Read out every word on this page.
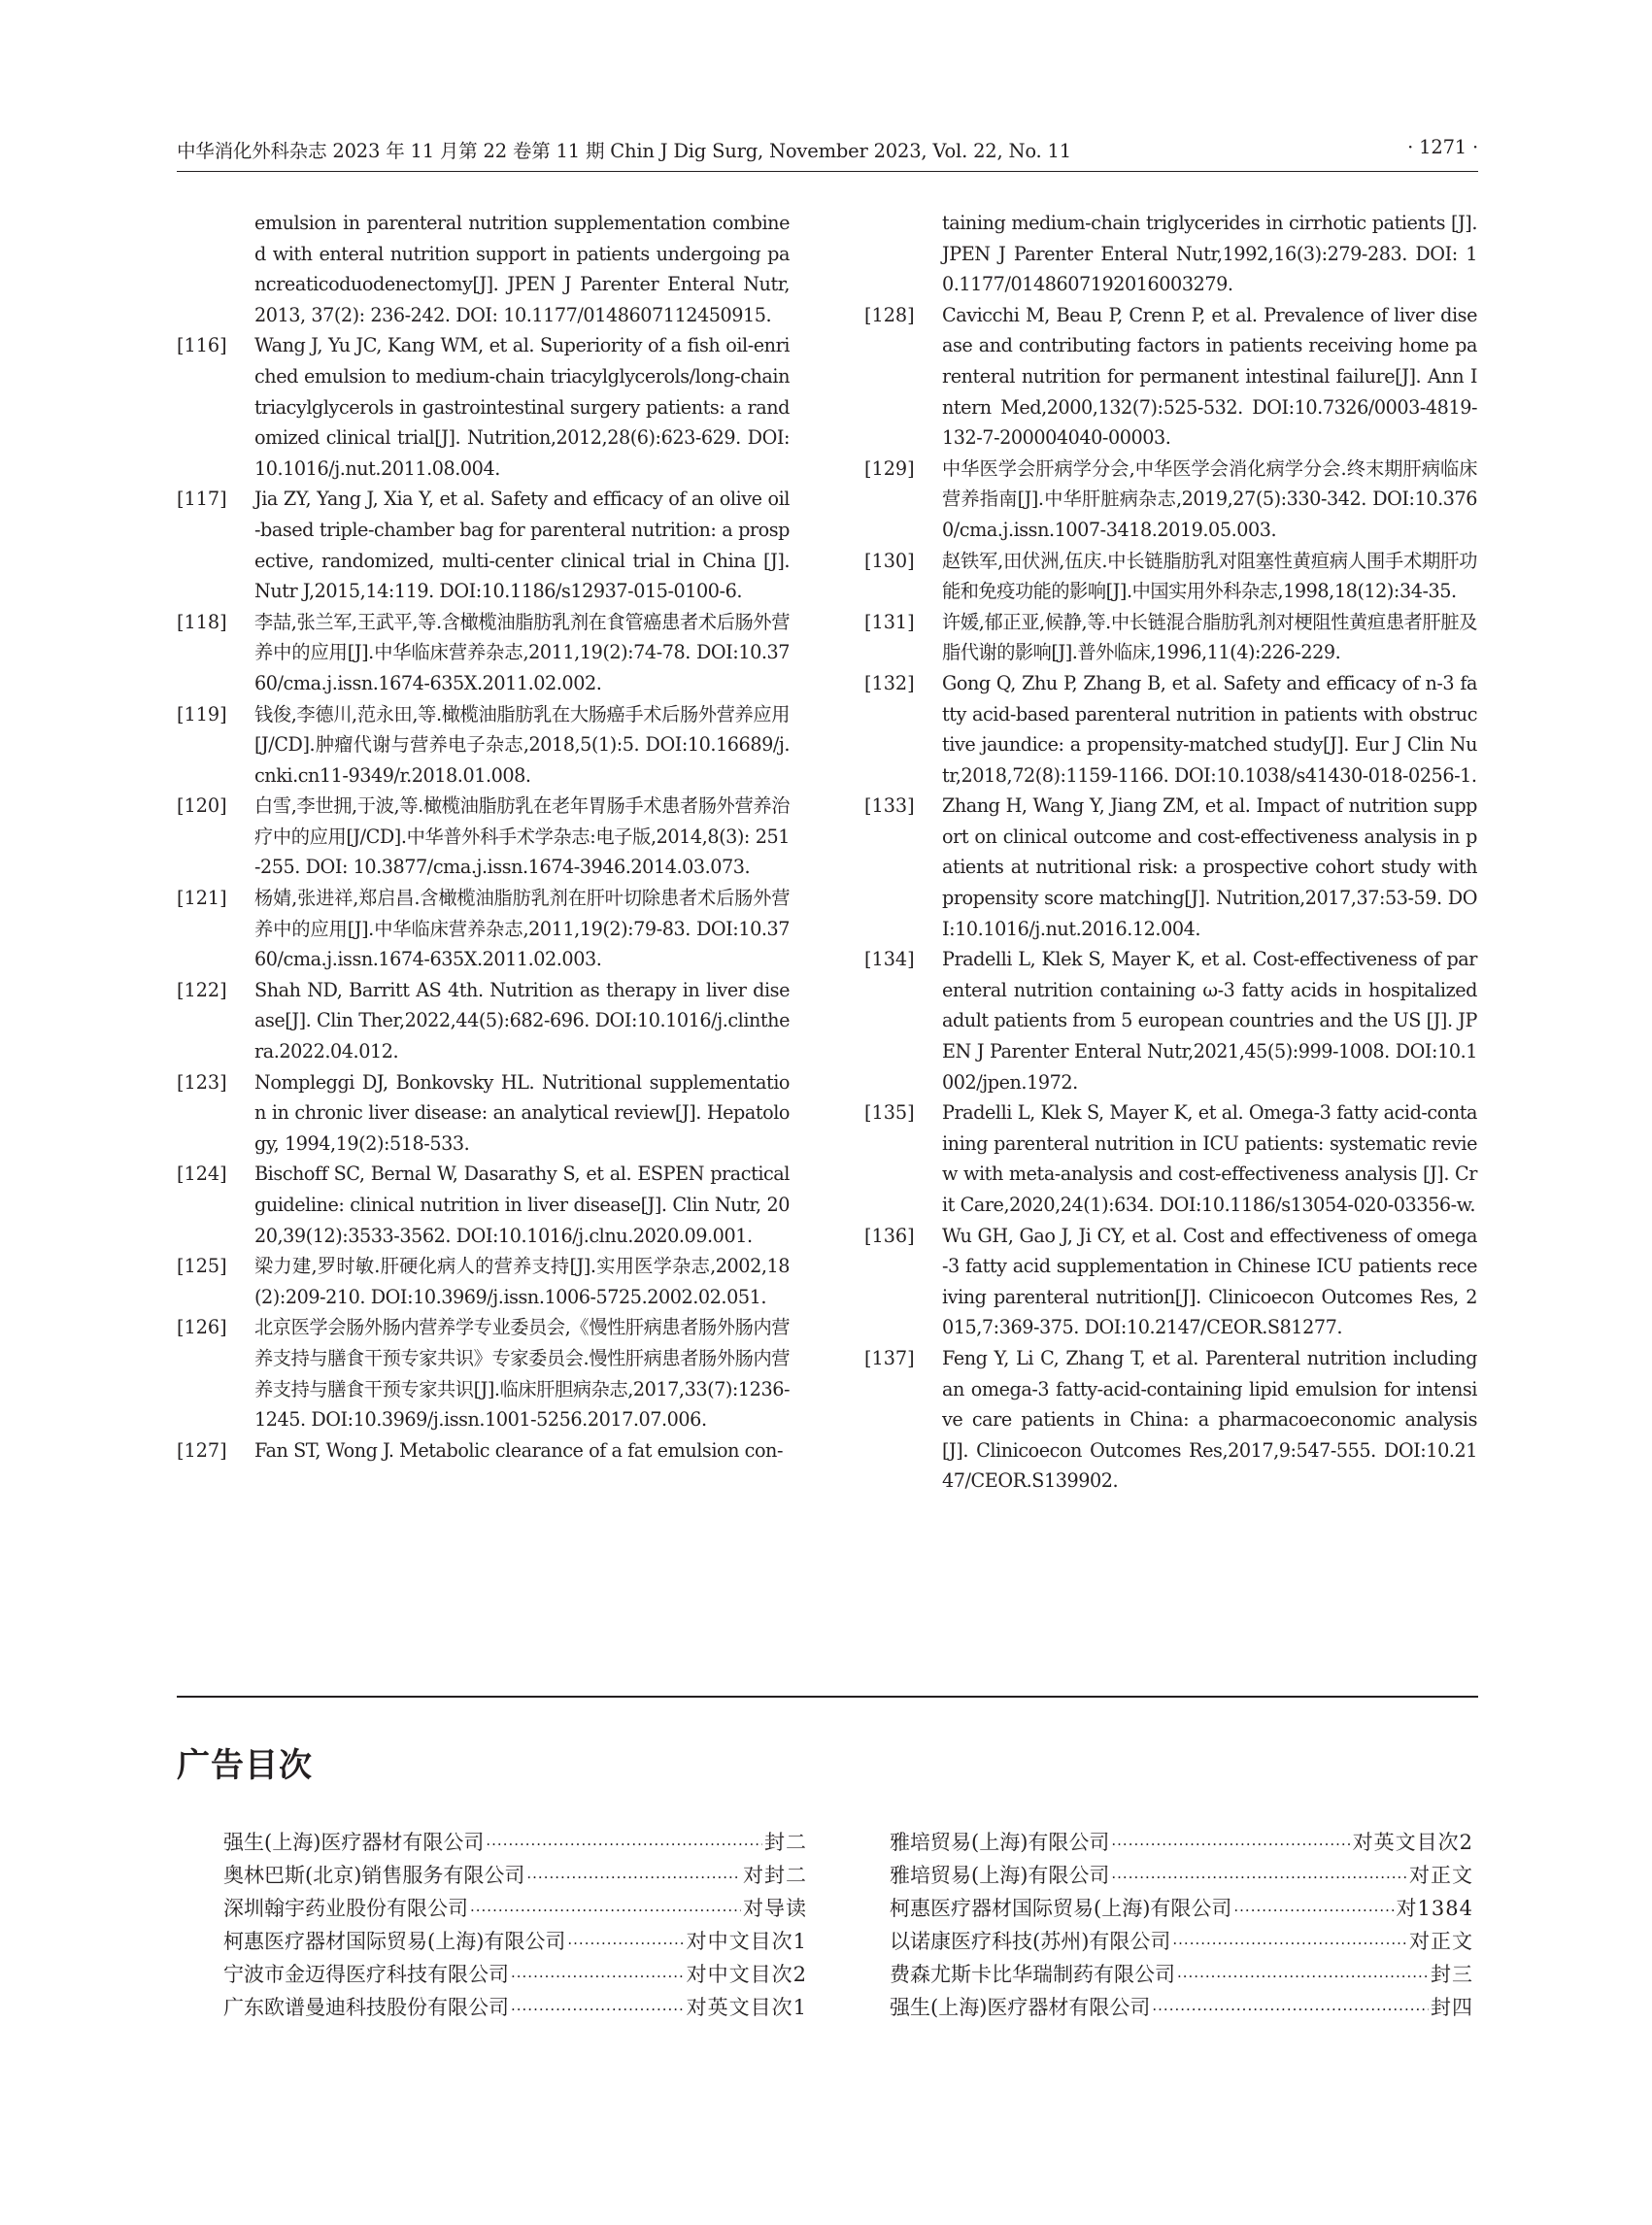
中华消化外科杂志 2023 年 11 月第 22 卷第 11 期 Chin J Dig Surg, November 2023, Vol. 22, No. 11	· 1271 ·
emulsion in parenteral nutrition supplementation combined with enteral nutrition support in patients undergoing pancreaticoduodenectomy[J]. JPEN J Parenter Enteral Nutr, 2013, 37(2): 236-242. DOI: 10.1177/0148607112450915.
[116] Wang J, Yu JC, Kang WM, et al. Superiority of a fish oil-enriched emulsion to medium-chain triacylglycerols/long-chain triacylglycerols in gastrointestinal surgery patients: a randomized clinical trial[J]. Nutrition,2012,28(6):623-629. DOI:10.1016/j.nut.2011.08.004.
[117] Jia ZY, Yang J, Xia Y, et al. Safety and efficacy of an olive oil-based triple-chamber bag for parenteral nutrition: a prospective, randomized, multi-center clinical trial in China [J]. Nutr J,2015,14:119. DOI:10.1186/s12937-015-0100-6.
[118] 李喆,张兰军,王武平,等.含橄榄油脂肪乳剂在食管癌患者术后肠外营养中的应用[J].中华临床营养杂志,2011,19(2):74-78. DOI:10.3760/cma.j.issn.1674-635X.2011.02.002.
[119] 钱俊,李德川,范永田,等.橄榄油脂肪乳在大肠癌手术后肠外营养应用[J/CD].肿瘤代谢与营养电子杂志,2018,5(1):5. DOI:10.16689/j.cnki.cn11-9349/r.2018.01.008.
[120] 白雪,李世拥,于波,等.橄榄油脂肪乳在老年胃肠手术患者肠外营养治疗中的应用[J/CD].中华普外科手术学杂志:电子版,2014,8(3): 251-255. DOI: 10.3877/cma.j.issn.1674-3946.2014.03.073.
[121] 杨婧,张进祥,郑启昌.含橄榄油脂肪乳剂在肝叶切除患者术后肠外营养中的应用[J].中华临床营养杂志,2011,19(2):79-83. DOI:10.3760/cma.j.issn.1674-635X.2011.02.003.
[122] Shah ND, Barritt AS 4th. Nutrition as therapy in liver disease[J]. Clin Ther,2022,44(5):682-696. DOI:10.1016/j.clinthera.2022.04.012.
[123] Nompleggi DJ, Bonkovsky HL. Nutritional supplementation in chronic liver disease: an analytical review[J]. Hepatology, 1994,19(2):518-533.
[124] Bischoff SC, Bernal W, Dasarathy S, et al. ESPEN practical guideline: clinical nutrition in liver disease[J]. Clin Nutr, 2020,39(12):3533-3562. DOI:10.1016/j.clnu.2020.09.001.
[125] 梁力建,罗时敏.肝硬化病人的营养支持[J].实用医学杂志,2002,18(2):209-210. DOI:10.3969/j.issn.1006-5725.2002.02.051.
[126] 北京医学会肠外肠内营养学专业委员会,《慢性肝病患者肠外肠内营养支持与膳食干预专家共识》专家委员会.慢性肝病患者肠外肠内营养支持与膳食干预专家共识[J].临床肝胆病杂志,2017,33(7):1236-1245. DOI:10.3969/j.issn.1001-5256.2017.07.006.
[127] Fan ST, Wong J. Metabolic clearance of a fat emulsion con-
taining medium-chain triglycerides in cirrhotic patients [J]. JPEN J Parenter Enteral Nutr,1992,16(3):279-283. DOI: 10.1177/0148607192016003279.
[128] Cavicchi M, Beau P, Crenn P, et al. Prevalence of liver disease and contributing factors in patients receiving home parenteral nutrition for permanent intestinal failure[J]. Ann Intern Med,2000,132(7):525-532. DOI:10.7326/0003-4819-132-7-200004040-00003.
[129] 中华医学会肝病学分会,中华医学会消化病学分会.终末期肝病临床营养指南[J].中华肝脏病杂志,2019,27(5):330-342. DOI:10.3760/cma.j.issn.1007-3418.2019.05.003.
[130] 赵铁军,田伏洲,伍庆.中长链脂肪乳对阻塞性黄疸病人围手术期肝功能和免疫功能的影响[J].中国实用外科杂志,1998,18(12):34-35.
[131] 许媛,郁正亚,候静,等.中长链混合脂肪乳剂对梗阻性黄疸患者肝脏及脂代谢的影响[J].普外临床,1996,11(4):226-229.
[132] Gong Q, Zhu P, Zhang B, et al. Safety and efficacy of n-3 fatty acid-based parenteral nutrition in patients with obstructive jaundice: a propensity-matched study[J]. Eur J Clin Nutr,2018,72(8):1159-1166. DOI:10.1038/s41430-018-0256-1.
[133] Zhang H, Wang Y, Jiang ZM, et al. Impact of nutrition support on clinical outcome and cost-effectiveness analysis in patients at nutritional risk: a prospective cohort study with propensity score matching[J]. Nutrition,2017,37:53-59. DOI:10.1016/j.nut.2016.12.004.
[134] Pradelli L, Klek S, Mayer K, et al. Cost-effectiveness of parenteral nutrition containing ω-3 fatty acids in hospitalized adult patients from 5 european countries and the US [J]. JPEN J Parenter Enteral Nutr,2021,45(5):999-1008. DOI:10.1002/jpen.1972.
[135] Pradelli L, Klek S, Mayer K, et al. Omega-3 fatty acid-containing parenteral nutrition in ICU patients: systematic review with meta-analysis and cost-effectiveness analysis [J]. Crit Care,2020,24(1):634. DOI:10.1186/s13054-020-03356-w.
[136] Wu GH, Gao J, Ji CY, et al. Cost and effectiveness of omega-3 fatty acid supplementation in Chinese ICU patients receiving parenteral nutrition[J]. Clinicoecon Outcomes Res, 2015,7:369-375. DOI:10.2147/CEOR.S81277.
[137] Feng Y, Li C, Zhang T, et al. Parenteral nutrition including an omega-3 fatty-acid-containing lipid emulsion for intensive care patients in China: a pharmacoeconomic analysis [J]. Clinicoecon Outcomes Res,2017,9:547-555. DOI:10.2147/CEOR.S139902.
广告目次
强生(上海)医疗器材有限公司 ·····	封二
奥林巴斯(北京)销售服务有限公司 ·····	对封二
深圳翰宇药业股份有限公司 ·····	对导读
柯惠医疗器材国际贸易(上海)有限公司 ·····	对中文目次1
宁波市金迈得医疗科技有限公司 ·····	对中文目次2
广东欧谱曼迪科技股份有限公司 ·····	对英文目次1
雅培贸易(上海)有限公司 ·····	对英文目次2
雅培贸易(上海)有限公司 ·····	对正文
柯惠医疗器材国际贸易(上海)有限公司 ·····	对1384
以诺康医疗科技(苏州)有限公司 ·····	对正文
费森尤斯卡比华瑞制药有限公司 ·····	封三
强生(上海)医疗器材有限公司 ·····	封四
